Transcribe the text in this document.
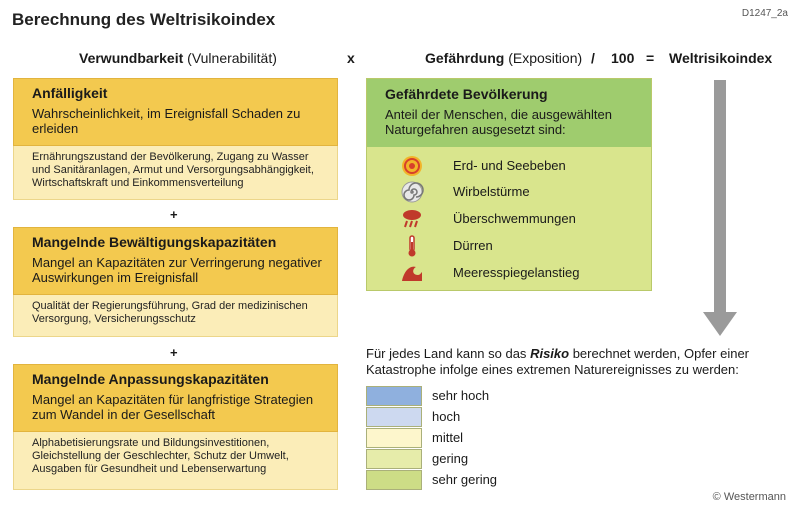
Berechnung des Weltrisikoindex	D1247_2a
Verwundbarkeit (Vulnerabilität)	x	Gefährdung (Exposition) / 100 = Weltrisikoindex
Anfälligkeit
Wahrscheinlichkeit, im Ereignisfall Schaden zu erleiden
Ernährungszustand der Bevölkerung, Zugang zu Wasser und Sanitäranlagen, Armut und Versorgungsabhängigkeit, Wirtschaftskraft und Einkommensverteilung
+
Mangelnde Bewältigungskapazitäten
Mangel an Kapazitäten zur Verringerung negativer Auswirkungen im Ereignisfall
Qualität der Regierungsführung, Grad der medizinischen Versorgung, Versicherungsschutz
+
Mangelnde Anpassungskapazitäten
Mangel an Kapazitäten für langfristige Strategien zum Wandel in der Gesellschaft
Alphabetisierungsrate und Bildungsinvestitionen, Gleichstellung der Geschlechter, Schutz der Umwelt, Ausgaben für Gesundheit und Lebenserwartung
Gefährdete Bevölkerung
Anteil der Menschen, die ausgewählten Naturgefahren ausgesetzt sind:
Erd- und Seebeben
Wirbelstürme
Überschwemmungen
Dürren
Meeresspiegelanstieg
Für jedes Land kann so das Risiko berechnet werden, Opfer einer Katastrophe infolge eines extremen Naturereignisses zu werden:
sehr hoch
hoch
mittel
gering
sehr gering
© Westermann
